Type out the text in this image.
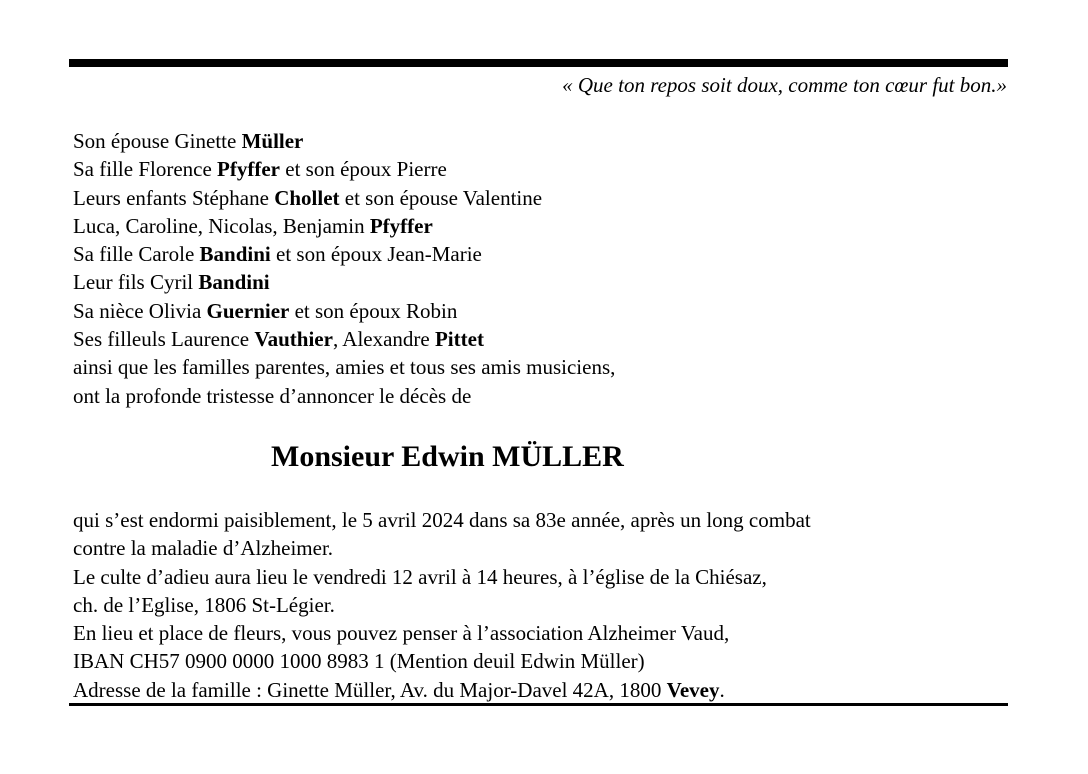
« Que ton repos soit doux, comme ton cœur fut bon.»
Son épouse Ginette Müller
Sa fille Florence Pfyffer et son époux Pierre
Leurs enfants Stéphane Chollet et son épouse Valentine
Luca, Caroline, Nicolas, Benjamin Pfyffer
Sa fille Carole Bandini et son époux Jean-Marie
Leur fils Cyril Bandini
Sa nièce Olivia Guernier et son époux Robin
Ses filleuls Laurence Vauthier, Alexandre Pittet
ainsi que les familles parentes, amies et tous ses amis musiciens,
ont la profonde tristesse d’annoncer le décès de
Monsieur Edwin MÜLLER
qui s’est endormi paisiblement, le 5 avril 2024 dans sa 83e année, après un long combat
contre la maladie d’Alzheimer.
Le culte d’adieu aura lieu le vendredi 12 avril à 14 heures, à l’église de la Chiésaz,
ch. de l’Eglise, 1806 St-Légier.
En lieu et place de fleurs, vous pouvez penser à l’association Alzheimer Vaud,
IBAN CH57 0900 0000 1000 8983 1 (Mention deuil Edwin Müller)
Adresse de la famille : Ginette Müller, Av. du Major-Davel 42A, 1800 Vevey.
